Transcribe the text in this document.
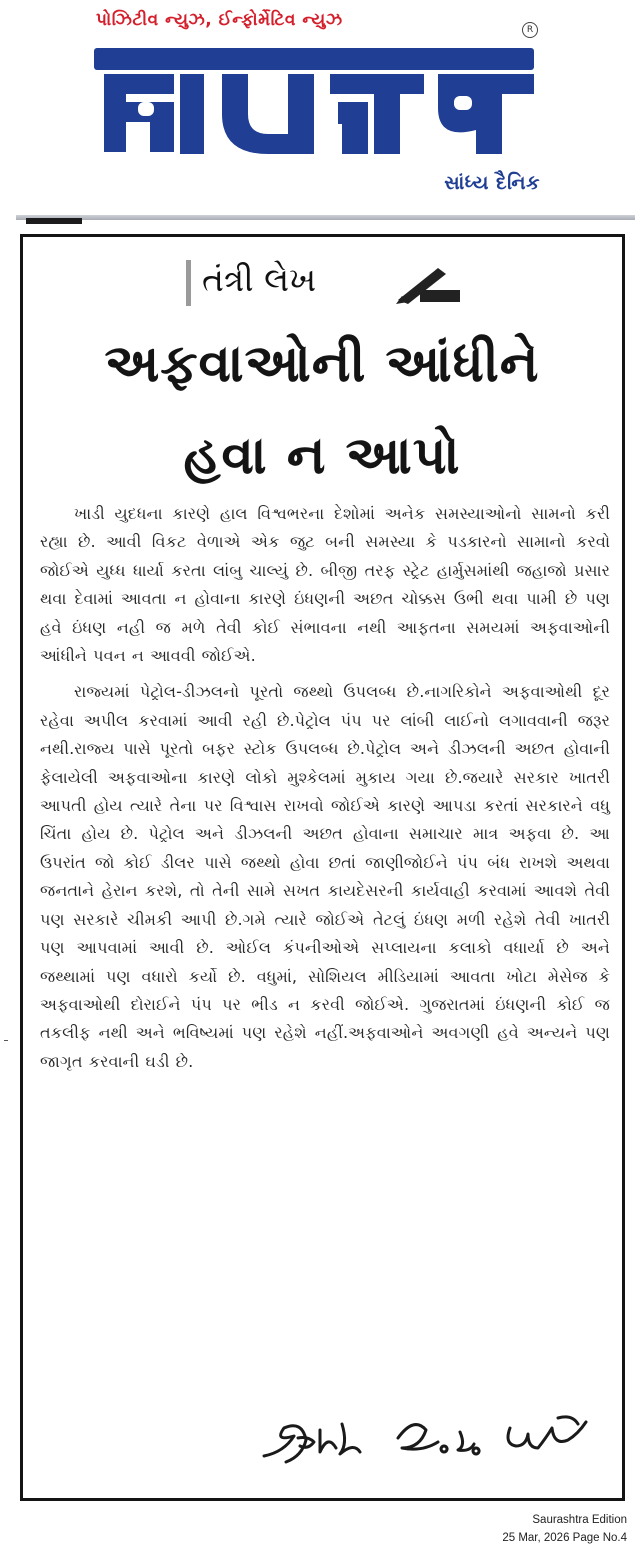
પોઝિટીવ ન્યુઝ, ઈન્ફોર્મેટિવ ન્યુઝ	R
સાંધ્ય દૈનિક
તંત્રી લેખ
અફવાઓની આંધીને
હવા ન આપો

ખાડી યુદધના કારણે હાલ વિશ્વભરના દેશોમાં અનેક સમસ્યાઓનો સામનો કરી રહ્યા છે. આવી વિકટ વેળાએ એક જુટ બની સમસ્યા કે પડકારનો સામાનો કરવો જોઈએ યુધ્ધ ધાર્યા કરતા લાંબુ ચાલ્યું છે. બીજી તરફ સ્ટ્રેટ હાર્મુસમાંથી જહાજો પ્રસાર થવા દેવામાં આવતા ન હોવાના કારણે ઇંધણની અછત ચોક્કસ ઉભી થવા પામી છે પણ હવે ઇંધણ નહી જ મળે તેવી કોઈ સંભાવના નથી આફતના સમયમાં અફવાઓની આંધીને પવન ન આવવી જોઈએ.

રાજ્યમાં પેટ્રોલ-ડીઝલનો પૂરતો જથ્થો ઉપલબ્ધ છે.નાગરિકોને અફવાઓથી દૂર રહેવા અપીલ કરવામાં આવી રહી છે.પેટ્રોલ પંપ પર લાંબી લાઈનો લગાવવાની જરૂર નથી.રાજ્ય પાસે પૂરતો બફર સ્ટોક ઉપલબ્ધ છે.પેટ્રોલ અને ડીઝલની અછત હોવાની ફેલાયેલી અફવાઓના કારણે લોકો મુશ્કેલમાં મુકાય ગયા છે.જયારે સરકાર ખાતરી આપતી હોય ત્યારે તેના પર વિશ્વાસ રાખવો જોઈએ કારણે આપડા કરતાં સરકારને વધુ ચિંતા હોય છે. પેટ્રોલ અને ડીઝલની અછત હોવાના સમાચાર માત્ર અફવા છે. આ ઉપરાંત જો કોઈ ડીલર પાસે જથ્થો હોવા છતાં જાણીજોઈને પંપ બંધ રાખશે અથવા જનતાને હેરાન કરશે, તો તેની સામે સખત કાયદેસરની કાર્યવાહી કરવામાં આવશે તેવી પણ સરકારે ચીમકી આપી છે.ગમે ત્યારે જોઈએ તેટલું ઇંધણ મળી રહેશે તેવી ખાતરી પણ આપવામાં આવી છે. ઓઈલ કંપનીઓએ સપ્લાયના કલાકો વધાર્યા છે અને જથ્થામાં પણ વધારો કર્યો છે. વધુમાં, સોશિયલ મીડિયામાં આવતા ખોટા મેસેજ કે અફવાઓથી દોરાઈને પંપ પર ભીડ ન કરવી જોઈએ. ગુજરાતમાં ઇંધણની કોઈ જ તકલીફ નથી અને ભવિષ્યમાં પણ રહેશે નહીં.અફવાઓને અવગણી હવે અન્યને પણ જાગૃત કરવાની ઘડી છે.

Saurashtra Edition
25 Mar, 2026 Page No.4
